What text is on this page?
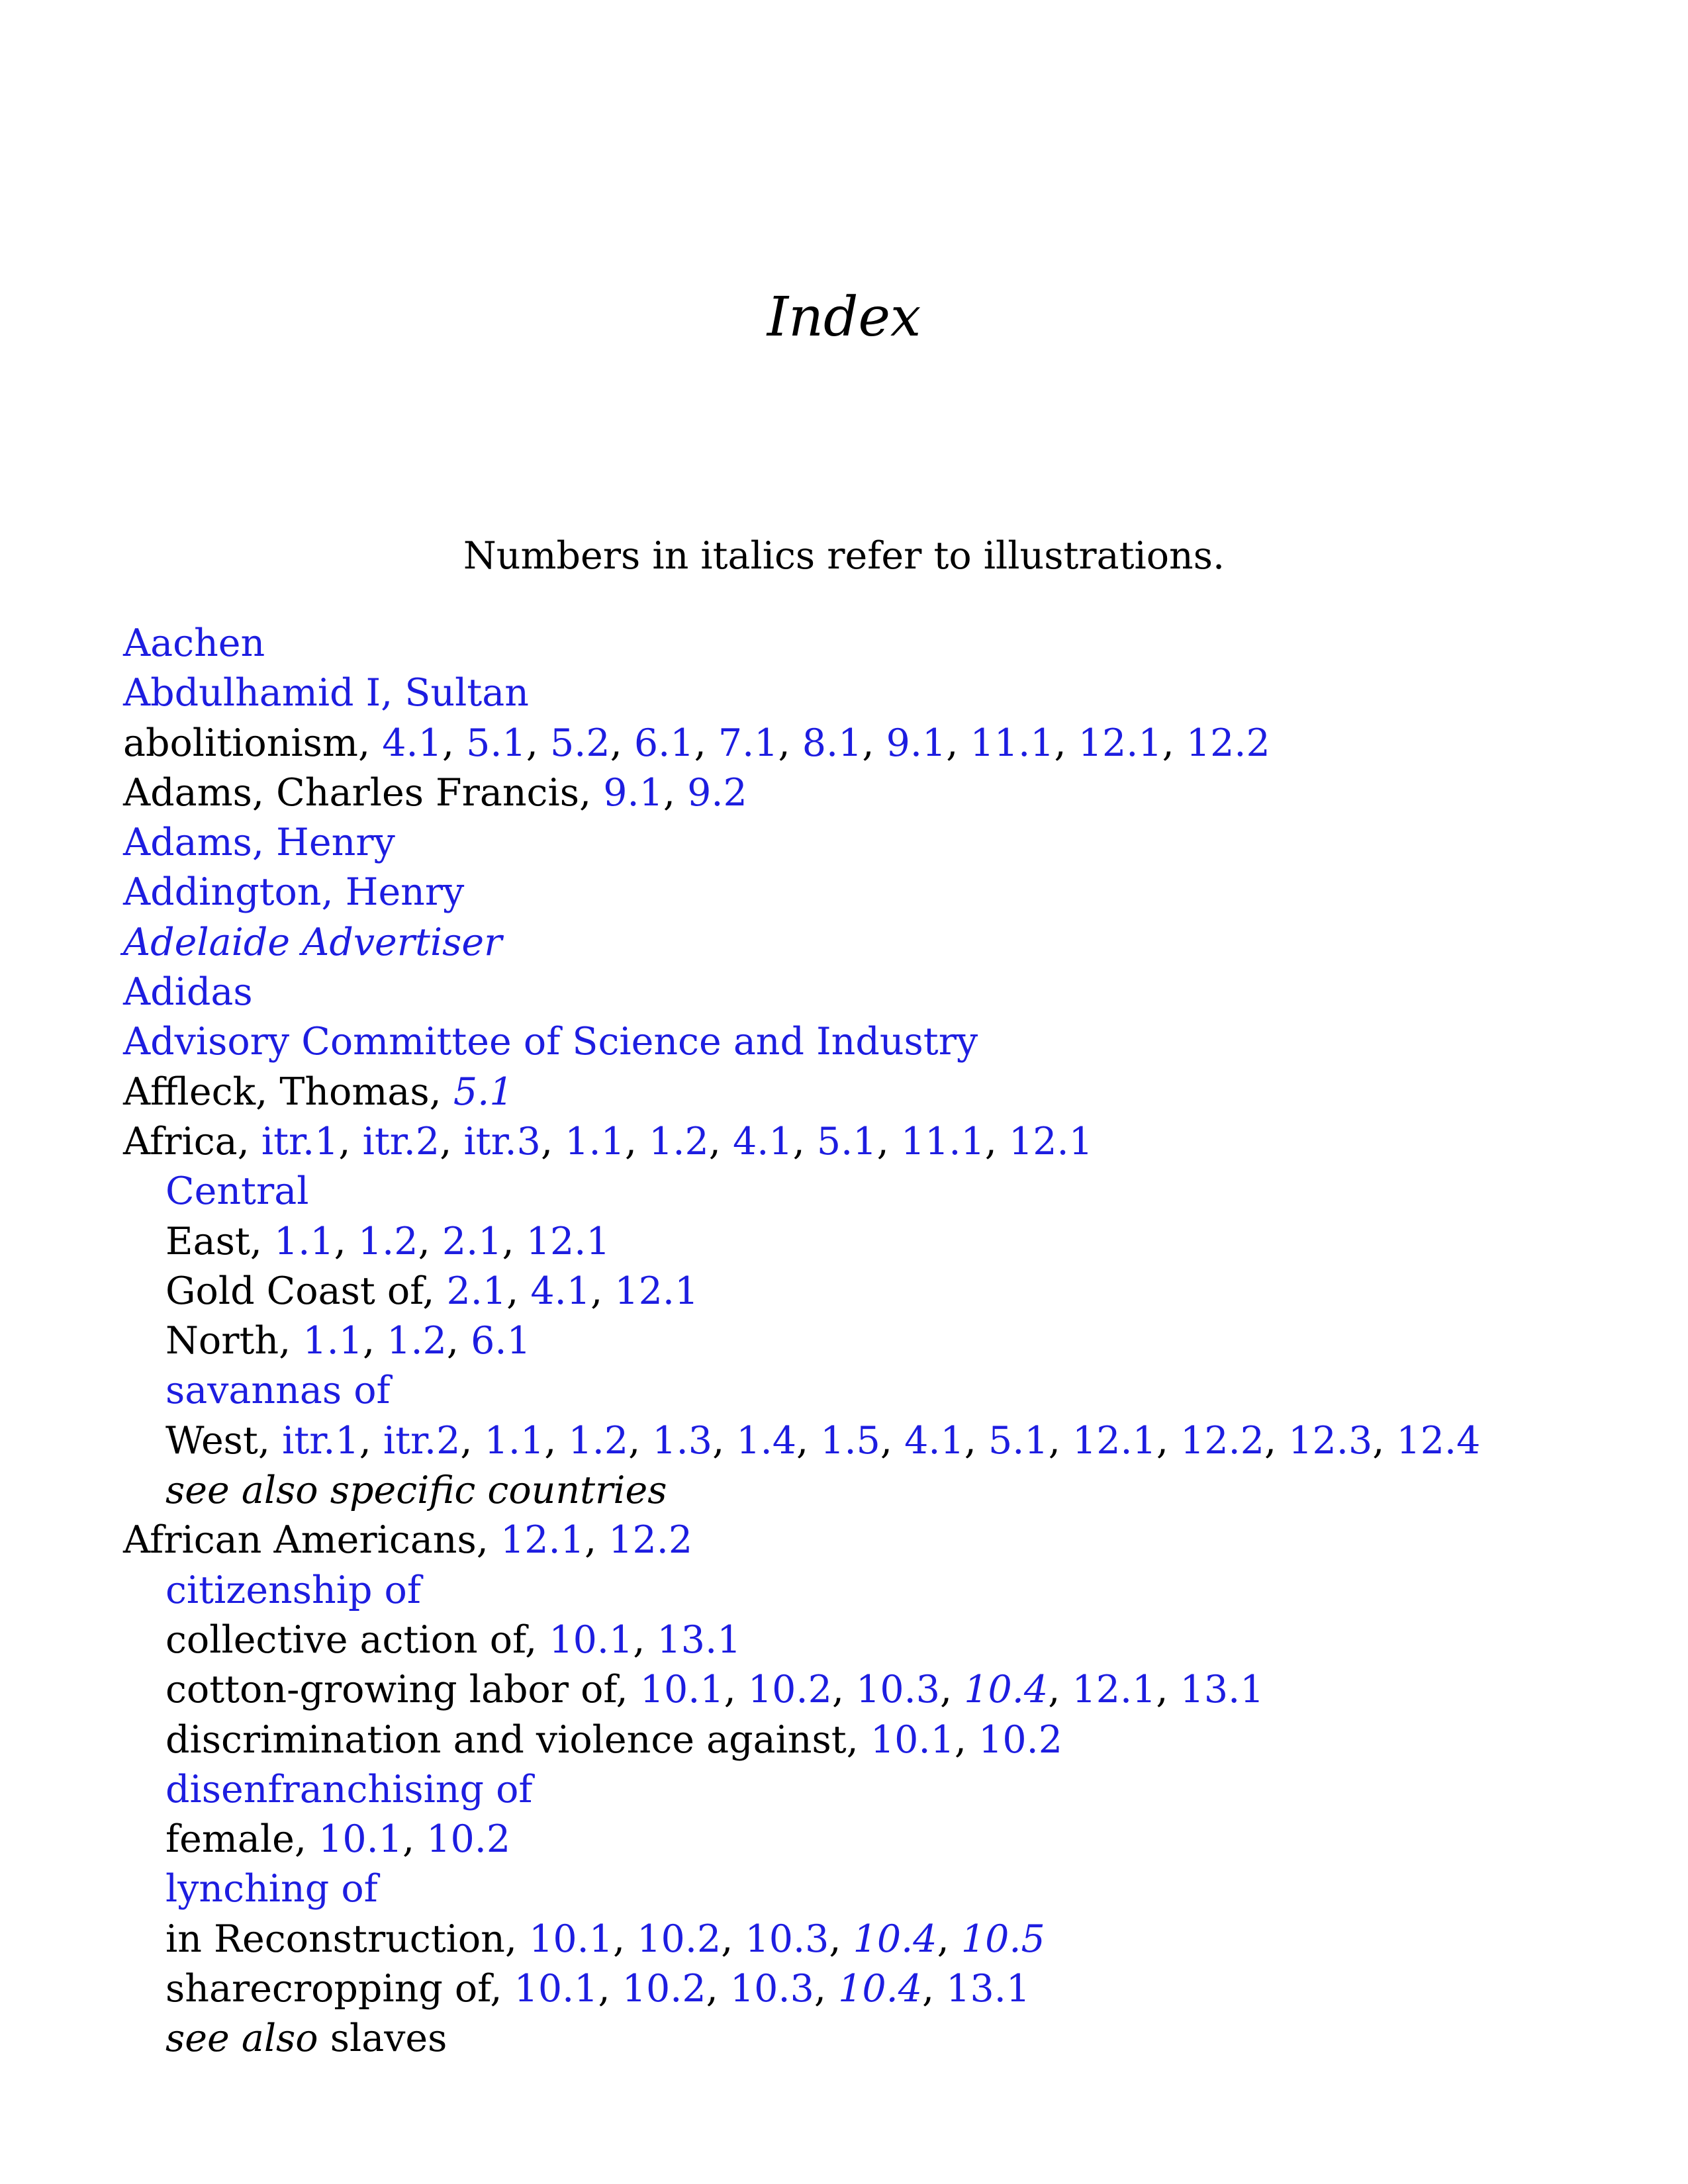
Index

Numbers in italics refer to illustrations.

Aachen
Abdulhamid I, Sultan
abolitionism, 4.1, 5.1, 5.2, 6.1, 7.1, 8.1, 9.1, 11.1, 12.1, 12.2
Adams, Charles Francis, 9.1, 9.2
Adams, Henry
Addington, Henry
Adelaide Advertiser
Adidas
Advisory Committee of Science and Industry
Affleck, Thomas, 5.1
Africa, itr.1, itr.2, itr.3, 1.1, 1.2, 4.1, 5.1, 11.1, 12.1
Central
East, 1.1, 1.2, 2.1, 12.1
Gold Coast of, 2.1, 4.1, 12.1
North, 1.1, 1.2, 6.1
savannas of
West, itr.1, itr.2, 1.1, 1.2, 1.3, 1.4, 1.5, 4.1, 5.1, 12.1, 12.2, 12.3, 12.4
see also specific countries
African Americans, 12.1, 12.2
citizenship of
collective action of, 10.1, 13.1
cotton-growing labor of, 10.1, 10.2, 10.3, 10.4, 12.1, 13.1
discrimination and violence against, 10.1, 10.2
disenfranchising of
female, 10.1, 10.2
lynching of
in Reconstruction, 10.1, 10.2, 10.3, 10.4, 10.5
sharecropping of, 10.1, 10.2, 10.3, 10.4, 13.1
see also slaves
